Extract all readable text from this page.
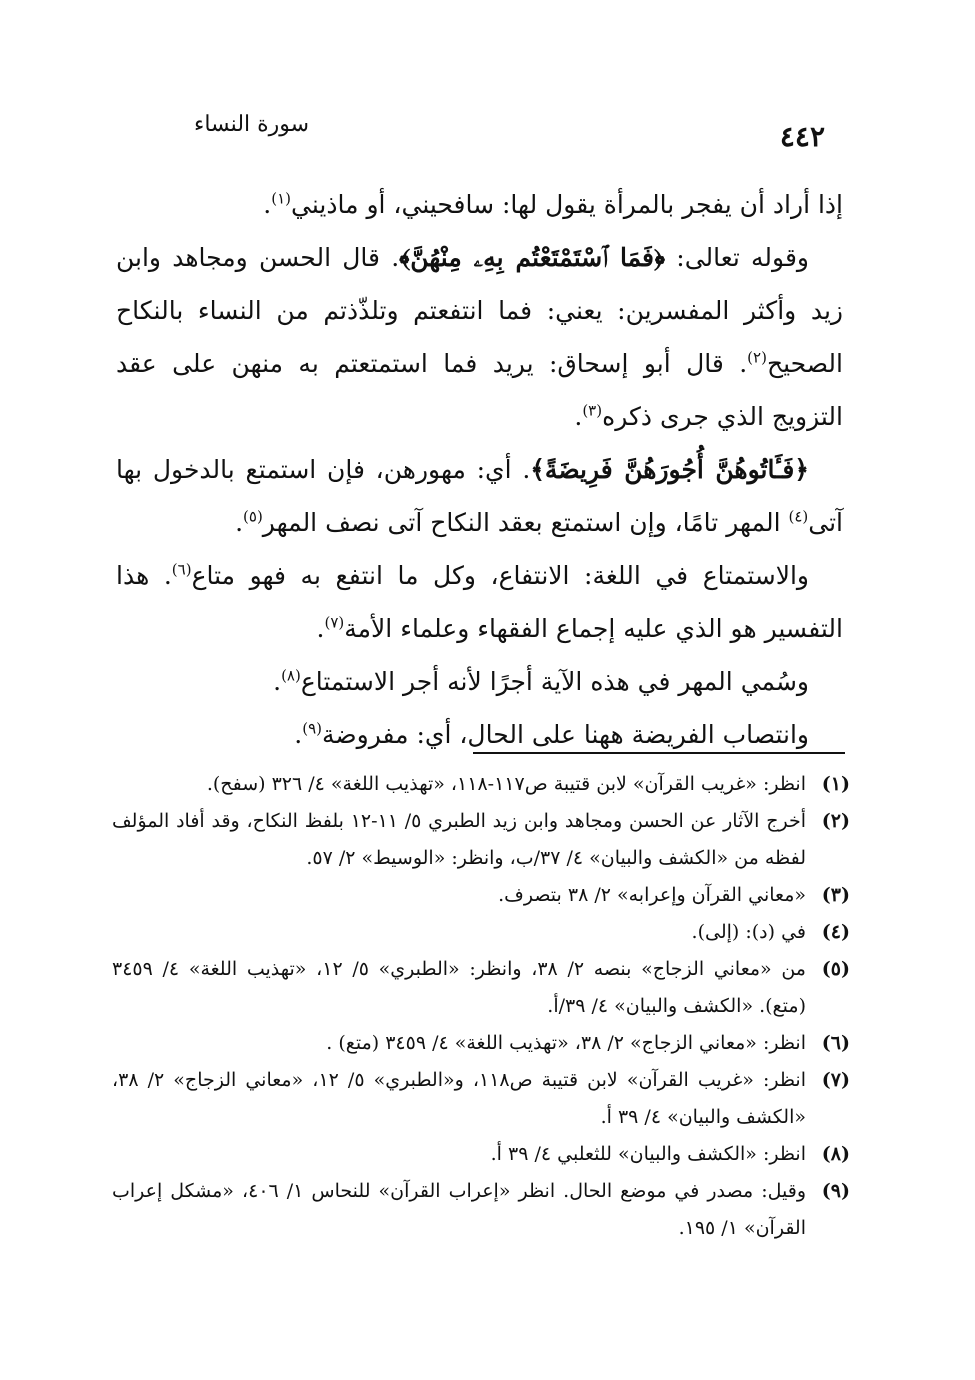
٤٤٢
سورة النساء

إذا أراد أن يفجر بالمرأة يقول لها: سافحيني، أو ماذيني$^{(١)}$.

وقوله تعالى: ﴿فَمَا ٱسْتَمْتَعْتُم بِهِۦ مِنْهُنَّ﴾. قال الحسن ومجاهد وابن زيد وأكثر المفسرين: يعني: فما انتفعتم وتلذّذتم من النساء بالنكاح الصحيح$^{(٢)}$. قال أبو إسحاق: يريد فما استمتعتم به منهن على عقد التزويج الذي جرى ذكره$^{(٣)}$.

﴿فَـَٔاتُوهُنَّ أُجُورَهُنَّ فَرِيضَةً﴾. أي: مهورهن، فإن استمتع بالدخول بها آتى$^{(٤)}$ المهر تامًا، وإن استمتع بعقد النكاح آتى نصف المهر$^{(٥)}$.

والاستمتاع في اللغة: الانتفاع، وكل ما انتفع به فهو متاع$^{(٦)}$. هذا التفسير هو الذي عليه إجماع الفقهاء وعلماء الأمة$^{(٧)}$.

وسُمي المهر في هذه الآية أجرًا لأنه أجر الاستمتاع$^{(٨)}$.

وانتصاب الفريضة ههنا على الحال، أي: مفروضة$^{(٩)}$.

(١)
انظر: «غريب القرآن» لابن قتيبة ص١١٧-١١٨، «تهذيب اللغة» ٤/ ٣٢٦ (سفح).
(٢)
أخرج الآثار عن الحسن ومجاهد وابن زيد الطبري ٥/ ١١-١٢ بلفظ النكاح، وقد أفاد المؤلف لفظه من «الكشف والبيان» ٤/ ٣٧/ب، وانظر: «الوسيط» ٢/ ٥٧.
(٣)
«معاني القرآن وإعرابه» ٢/ ٣٨ بتصرف.
(٤)
في (د): (إلى).
(٥)
من «معاني الزجاج» بنصه ٢/ ٣٨، وانظر: «الطبري» ٥/ ١٢، «تهذيب اللغة» ٤/ ٣٤٥٩ (متع). «الكشف والبيان» ٤/ ٣٩/أ.
(٦)
انظر: «معاني الزجاج» ٢/ ٣٨، «تهذيب اللغة» ٤/ ٣٤٥٩ (متع) .
(٧)
انظر: «غريب القرآن» لابن قتيبة ص١١٨، و«الطبري» ٥/ ١٢، «معاني الزجاج» ٢/ ٣٨، «الكشف والبيان» ٤/ ٣٩ أ.
(٨)
انظر: «الكشف والبيان» للثعلبي ٤/ ٣٩ أ.
(٩)
وقيل: مصدر في موضع الحال. انظر «إعراب القرآن» للنحاس ١/ ٤٠٦، «مشكل إعراب القرآن» ١/ ١٩٥.
